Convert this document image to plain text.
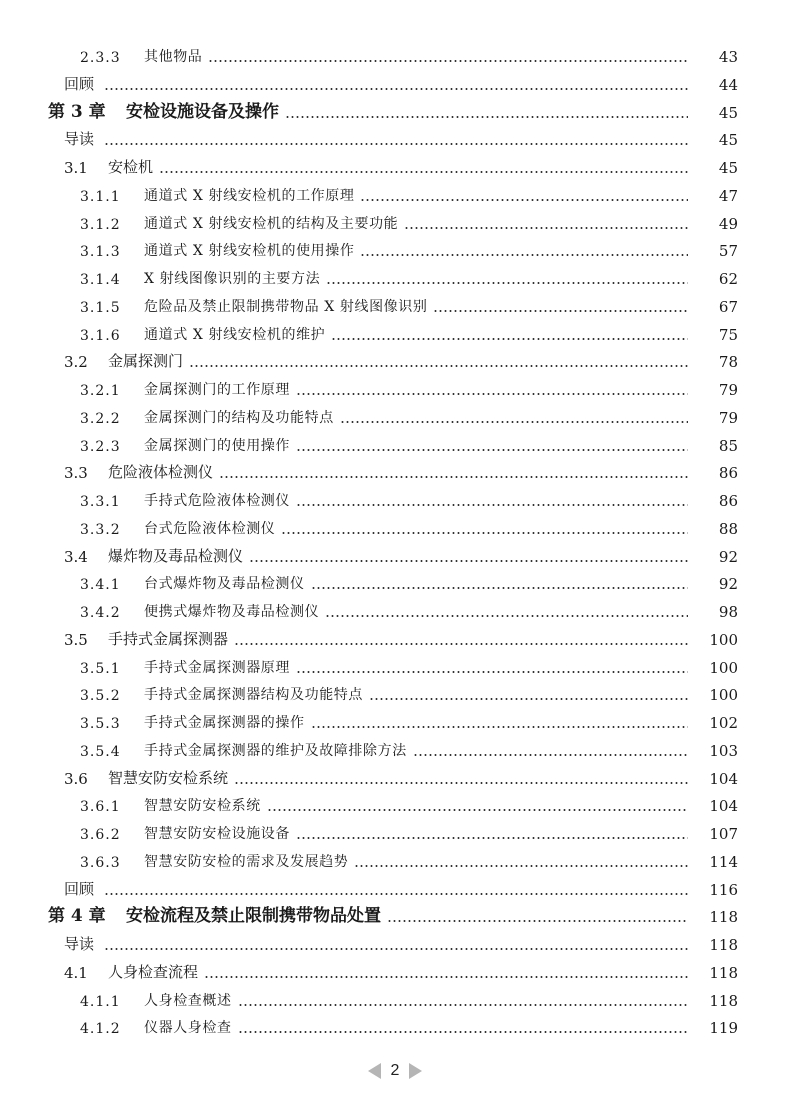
2.3.3	其他物品	43
回顾	44
第 3 章	安检设施设备及操作	45
导读	45
3.1	安检机	45
3.1.1	通道式 X 射线安检机的工作原理	47
3.1.2	通道式 X 射线安检机的结构及主要功能	49
3.1.3	通道式 X 射线安检机的使用操作	57
3.1.4	X 射线图像识别的主要方法	62
3.1.5	危险品及禁止限制携带物品 X 射线图像识别	67
3.1.6	通道式 X 射线安检机的维护	75
3.2	金属探测门	78
3.2.1	金属探测门的工作原理	79
3.2.2	金属探测门的结构及功能特点	79
3.2.3	金属探测门的使用操作	85
3.3	危险液体检测仪	86
3.3.1	手持式危险液体检测仪	86
3.3.2	台式危险液体检测仪	88
3.4	爆炸物及毒品检测仪	92
3.4.1	台式爆炸物及毒品检测仪	92
3.4.2	便携式爆炸物及毒品检测仪	98
3.5	手持式金属探测器	100
3.5.1	手持式金属探测器原理	100
3.5.2	手持式金属探测器结构及功能特点	100
3.5.3	手持式金属探测器的操作	102
3.5.4	手持式金属探测器的维护及故障排除方法	103
3.6	智慧安防安检系统	104
3.6.1	智慧安防安检系统	104
3.6.2	智慧安防安检设施设备	107
3.6.3	智慧安防安检的需求及发展趋势	114
回顾	116
第 4 章	安检流程及禁止限制携带物品处置	118
导读	118
4.1	人身检查流程	118
4.1.1	人身检查概述	118
4.1.2	仪器人身检查	119
2
